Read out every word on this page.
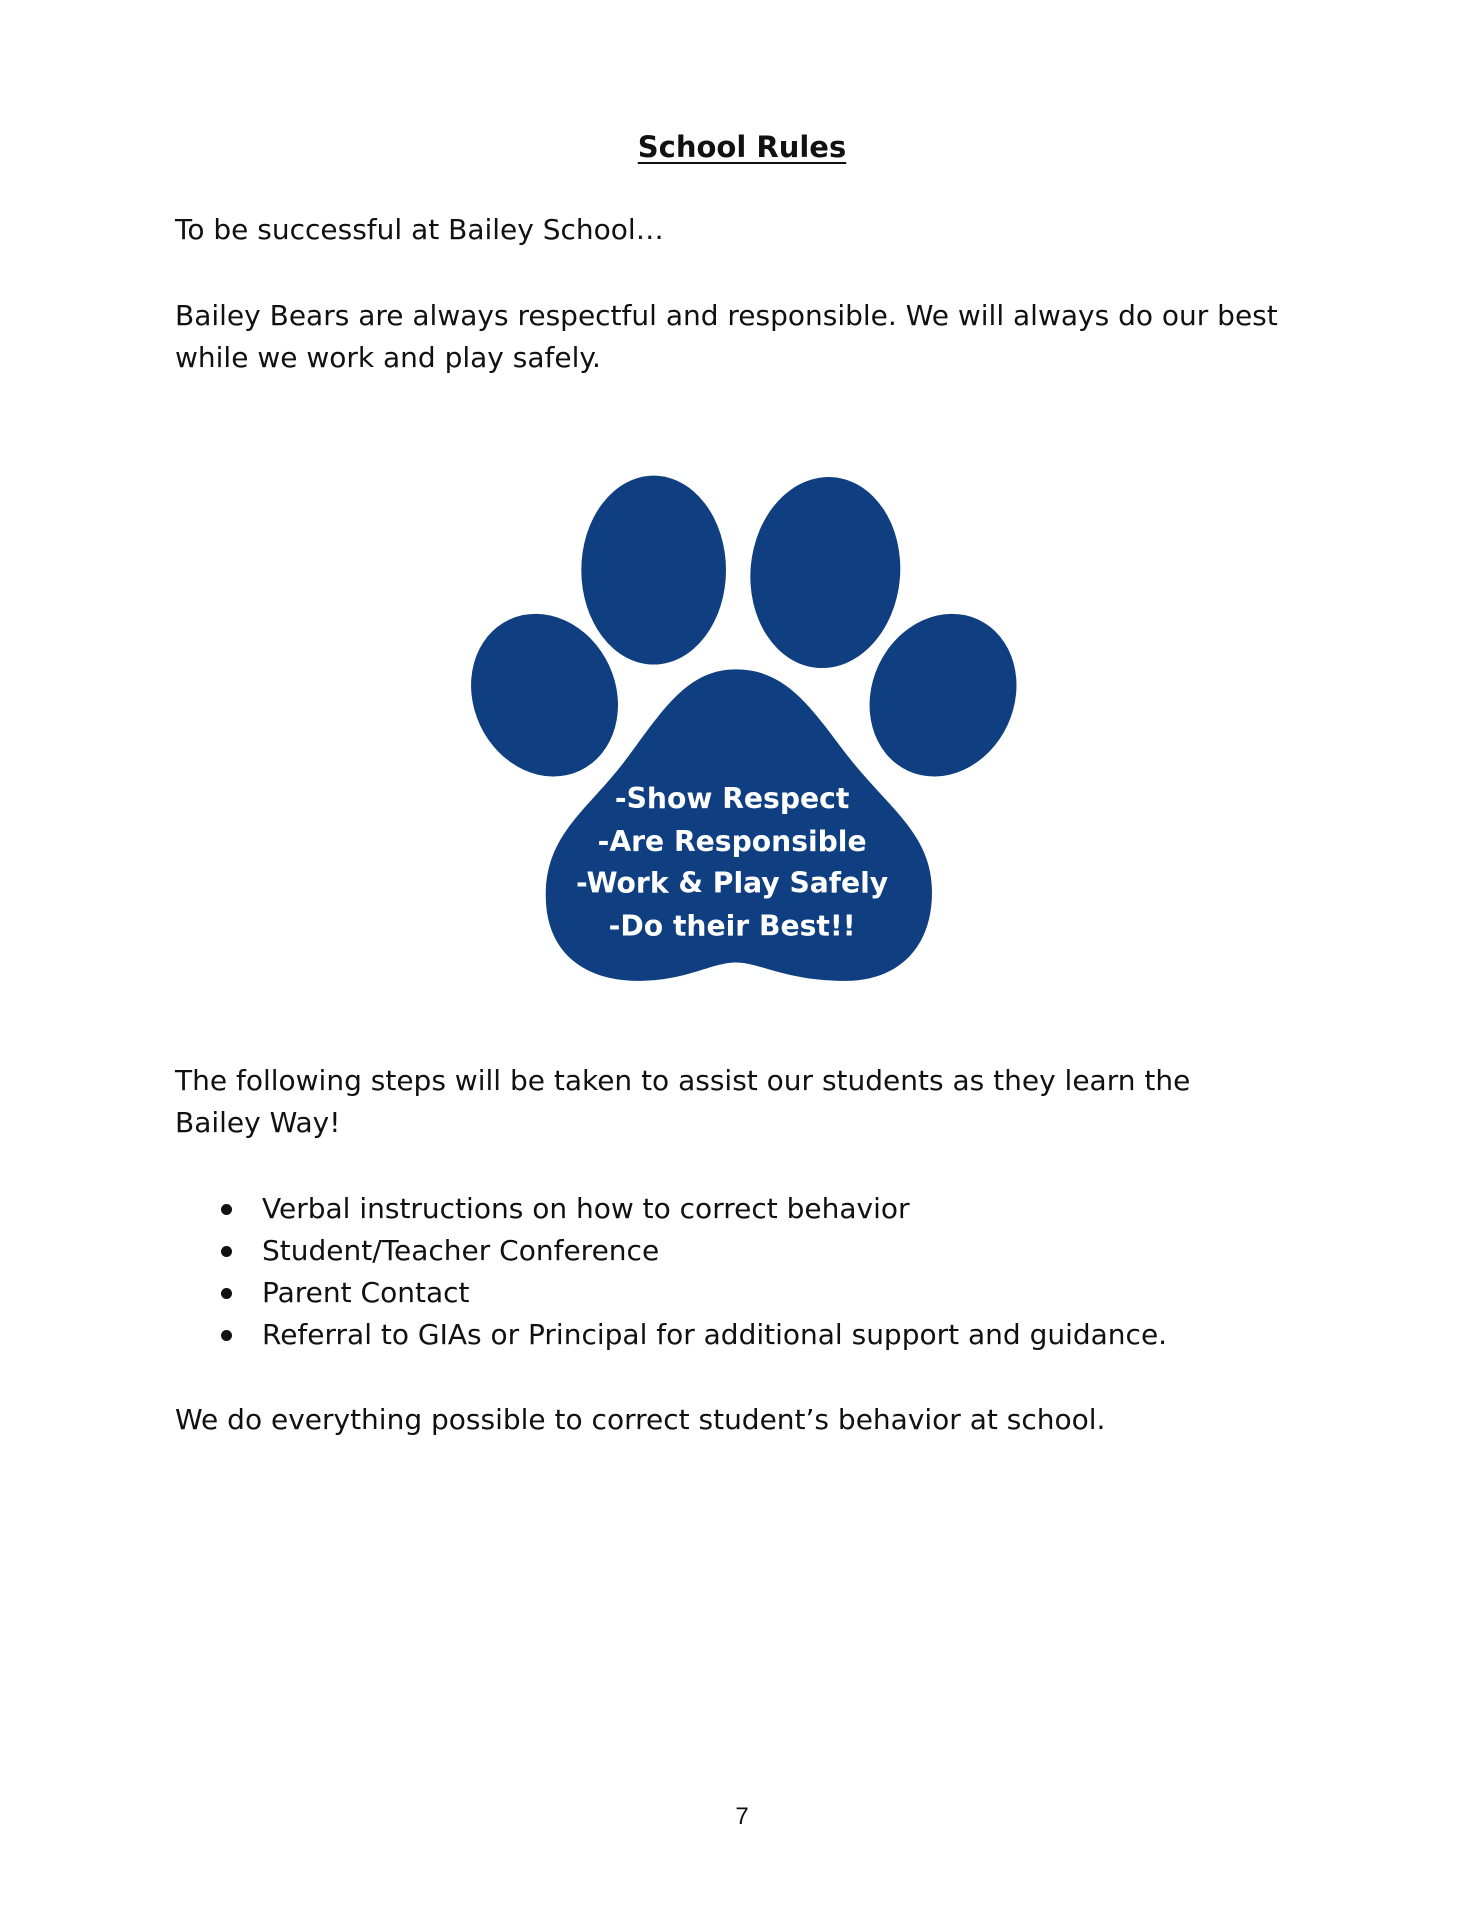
School Rules

To be successful at Bailey School…

Bailey Bears are always respectful and responsible. We will always do our best

while we work and play safely.

-Show Respect
-Are Responsible
-Work & Play Safely
-Do their Best!!

The following steps will be taken to assist our students as they learn the

Bailey Way!

Verbal instructions on how to correct behavior
Student/Teacher Conference
Parent Contact
Referral to GIAs or Principal for additional support and guidance.

We do everything possible to correct student’s behavior at school.

7
